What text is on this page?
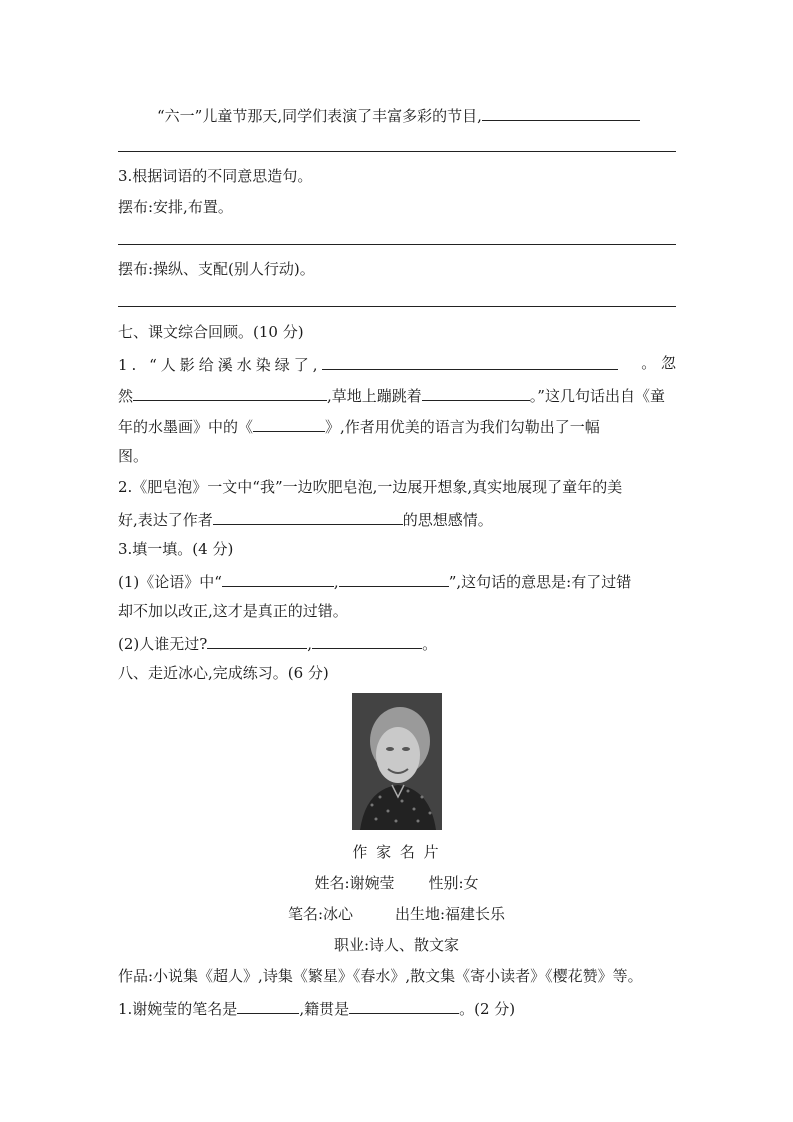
“六一”儿童节那天,同学们表演了丰富多彩的节目,
3.根据词语的不同意思造句。
摆布:安排,布置。
摆布:操纵、支配(别人行动)。
七、课文综合回顾。(10 分)
1. “人影给溪水染绿了,	。 忽
然	,草地上蹦跳着	。”这几句话出自《童
年的水墨画》中的《	》,作者用优美的语言为我们勾勒出了一幅
图。
2.《肥皂泡》一文中“我”一边吹肥皂泡,一边展开想象,真实地展现了童年的美
好,表达了作者	的思想感情。
3.填一填。(4 分)
(1)《论语》中“	,	”,这句话的意思是:有了过错
却不加以改正,这才是真正的过错。
(2)人谁无过?	,	。
八、走近冰心,完成练习。(6 分)
作 家 名 片
姓名:谢婉莹 性别:女
笔名:冰心	出生地:福建长乐
职业:诗人、散文家
作品:小说集《超人》,诗集《繁星》《春水》,散文集《寄小读者》《樱花赞》等。
1.谢婉莹的笔名是	,籍贯是	。(2 分)
